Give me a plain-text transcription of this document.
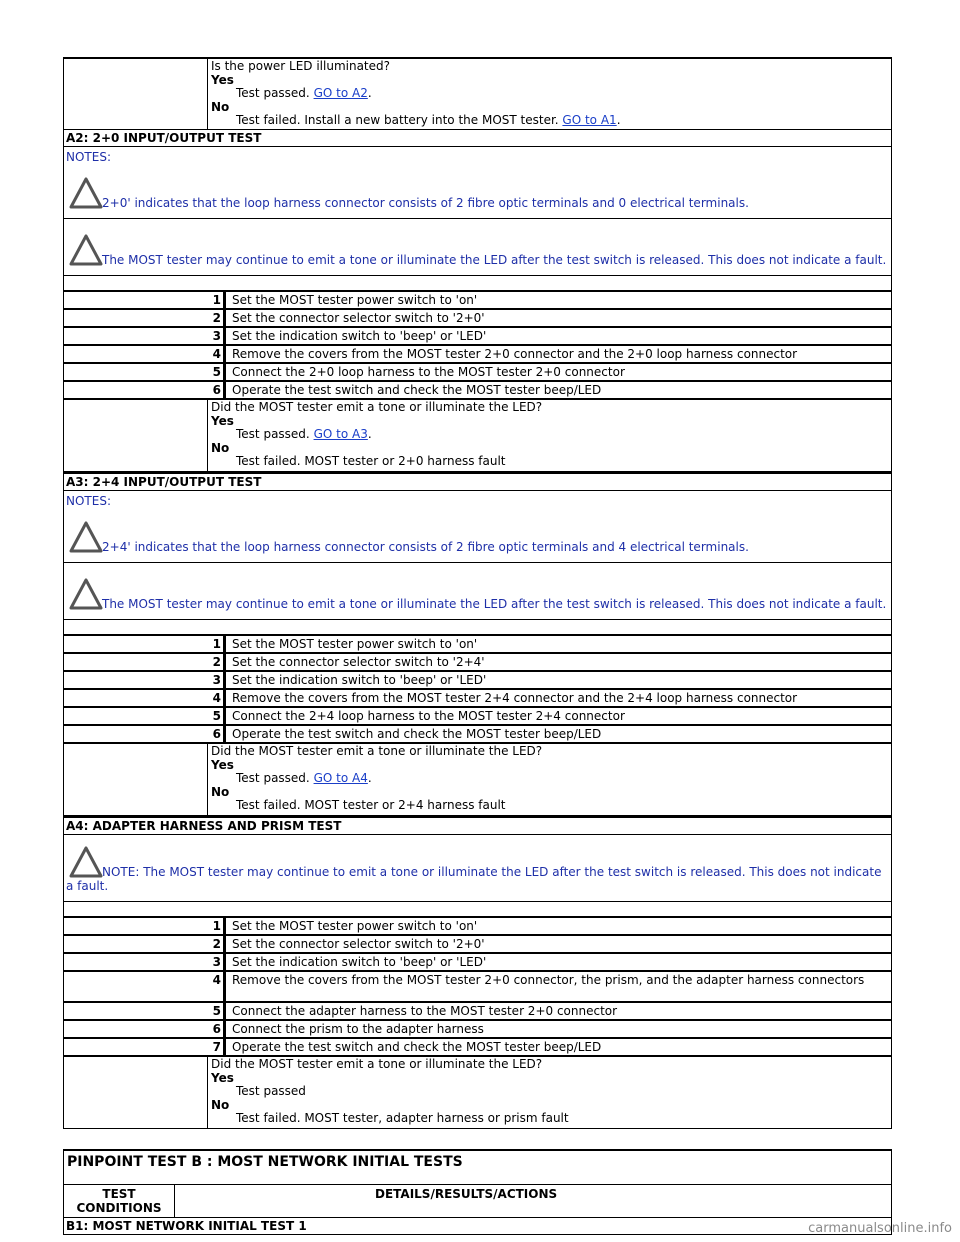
Is the power LED illuminated?
Yes
Test passed. GO to A2.
No
Test failed. Install a new battery into the MOST tester. GO to A1.
A2: 2+0 INPUT/OUTPUT TEST
NOTES:
2+0' indicates that the loop harness connector consists of 2 fibre optic terminals and 0 electrical terminals.
The MOST tester may continue to emit a tone or illuminate the LED after the test switch is released. This does not indicate a fault.
1 Set the MOST tester power switch to 'on'
2 Set the connector selector switch to '2+0'
3 Set the indication switch to 'beep' or 'LED'
4 Remove the covers from the MOST tester 2+0 connector and the 2+0 loop harness connector
5 Connect the 2+0 loop harness to the MOST tester 2+0 connector
6 Operate the test switch and check the MOST tester beep/LED
Did the MOST tester emit a tone or illuminate the LED?
Yes
Test passed. GO to A3.
No
Test failed. MOST tester or 2+0 harness fault
A3: 2+4 INPUT/OUTPUT TEST
NOTES:
2+4' indicates that the loop harness connector consists of 2 fibre optic terminals and 4 electrical terminals.
The MOST tester may continue to emit a tone or illuminate the LED after the test switch is released. This does not indicate a fault.
1 Set the MOST tester power switch to 'on'
2 Set the connector selector switch to '2+4'
3 Set the indication switch to 'beep' or 'LED'
4 Remove the covers from the MOST tester 2+4 connector and the 2+4 loop harness connector
5 Connect the 2+4 loop harness to the MOST tester 2+4 connector
6 Operate the test switch and check the MOST tester beep/LED
Did the MOST tester emit a tone or illuminate the LED?
Yes
Test passed. GO to A4.
No
Test failed. MOST tester or 2+4 harness fault
A4: ADAPTER HARNESS AND PRISM TEST
NOTE: The MOST tester may continue to emit a tone or illuminate the LED after the test switch is released. This does not indicate a fault.
1 Set the MOST tester power switch to 'on'
2 Set the connector selector switch to '2+0'
3 Set the indication switch to 'beep' or 'LED'
4 Remove the covers from the MOST tester 2+0 connector, the prism, and the adapter harness connectors
5 Connect the adapter harness to the MOST tester 2+0 connector
6 Connect the prism to the adapter harness
7 Operate the test switch and check the MOST tester beep/LED
Did the MOST tester emit a tone or illuminate the LED?
Yes
Test passed
No
Test failed. MOST tester, adapter harness or prism fault
PINPOINT TEST B : MOST NETWORK INITIAL TESTS
TEST CONDITIONS
DETAILS/RESULTS/ACTIONS
B1: MOST NETWORK INITIAL TEST 1	carmanualsonline.info
